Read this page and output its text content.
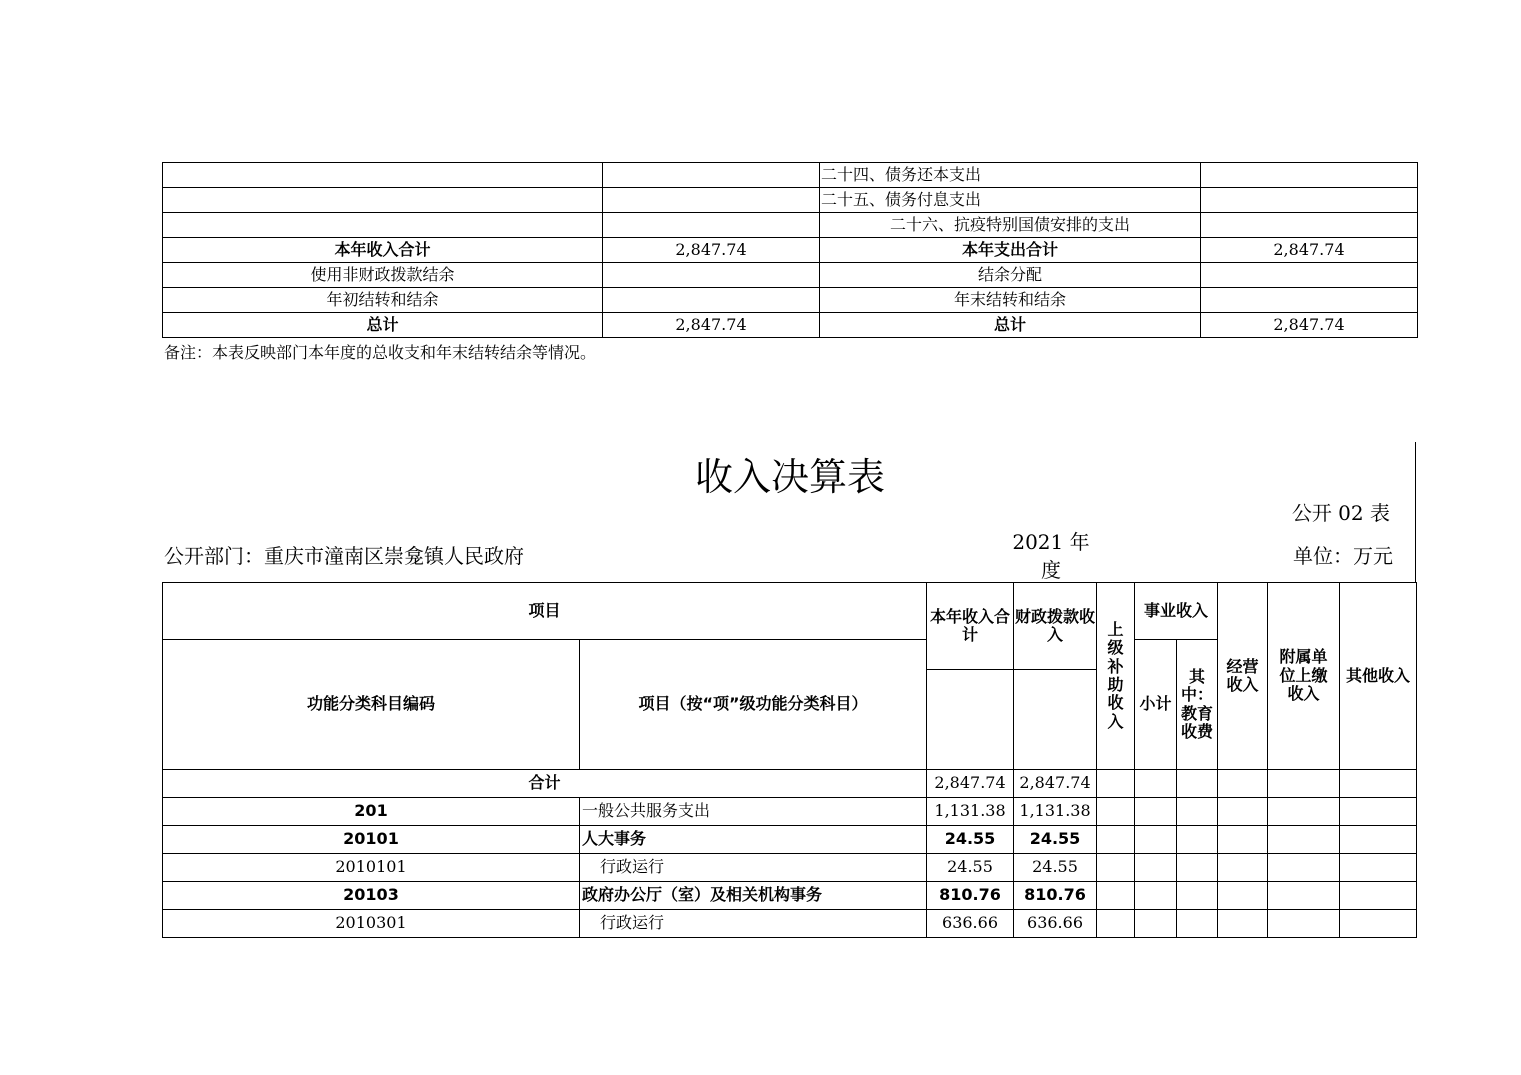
		二十四、债务还本支出	
		二十五、债务付息支出	
		二十六、抗疫特别国债安排的支出	
本年收入合计	2,847.74	本年支出合计	2,847.74
使用非财政拨款结余		结余分配	
年初结转和结余		年末结转和结余	
总计	2,847.74	总计	2,847.74
备注：本表反映部门本年度的总收支和年末结转结余等情况。
收入决算表
公开 02 表
公开部门：重庆市潼南区崇龛镇人民政府
2021 年度
单位：万元
项目		本年收入合计	财政拨款收入	上级补助收入	事业收入		经营收入	附属单位上缴收入	其他收入
功能分类科目编码	项目（按“项”级功能分类科目）				小计	其中：教育收费			

合计		2,847.74	2,847.74						
201	一般公共服务支出	1,131.38	1,131.38						
20101	人大事务	24.55	24.55						
2010101	行政运行	24.55	24.55						
20103	政府办公厅（室）及相关机构事务	810.76	810.76						
2010301	行政运行	636.66	636.66						
